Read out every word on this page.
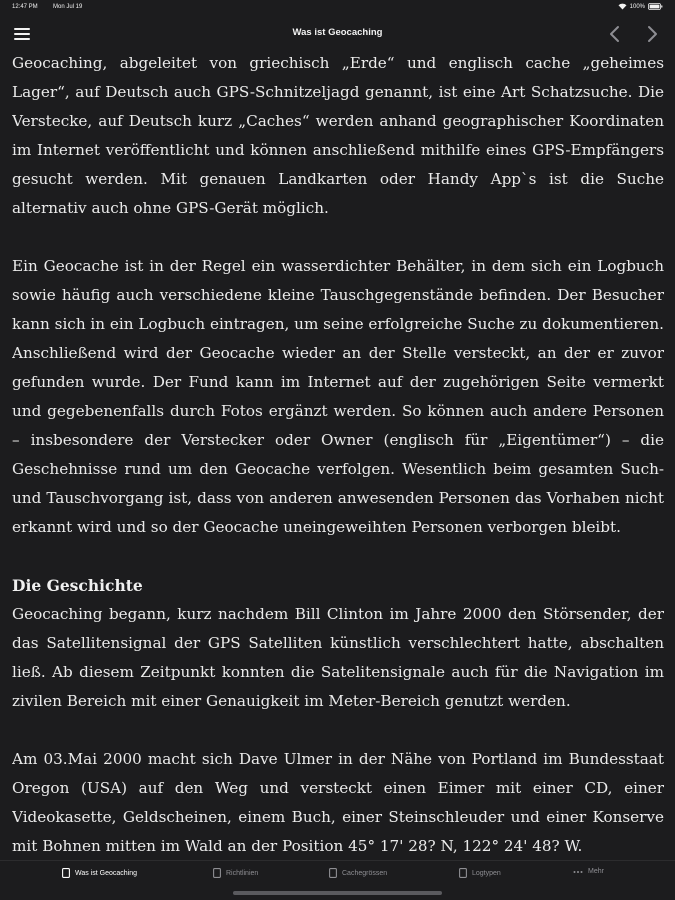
12:47 PM	Mon Jul 19	100%
Was ist Geocaching

Geocaching, abgeleitet von griechisch „Erde“ und englisch cache „geheimes Lager“, auf Deutsch auch GPS-Schnitzeljagd genannt, ist eine Art Schatzsuche. Die Verstecke, auf Deutsch kurz „Caches“ werden anhand geographischer Koordinaten im Internet veröffentlicht und können anschließend mithilfe eines GPS-Empfängers gesucht werden. Mit genauen Landkarten oder Handy App`s ist die Suche alternativ auch ohne GPS-Gerät möglich.

Ein Geocache ist in der Regel ein wasserdichter Behälter, in dem sich ein Logbuch sowie häufig auch verschiedene kleine Tauschgegenstände befinden. Der Besucher kann sich in ein Logbuch eintragen, um seine erfolgreiche Suche zu dokumentieren. Anschließend wird der Geocache wieder an der Stelle versteckt, an der er zuvor gefunden wurde. Der Fund kann im Internet auf der zugehörigen Seite vermerkt und gegebenenfalls durch Fotos ergänzt werden. So können auch andere Personen – insbesondere der Verstecker oder Owner (englisch für „Eigentümer“) – die Geschehnisse rund um den Geocache verfolgen. Wesentlich beim gesamten Such- und Tauschvorgang ist, dass von anderen anwesenden Personen das Vorhaben nicht erkannt wird und so der Geocache uneingeweihten Personen verborgen bleibt.

Die Geschichte

Geocaching begann, kurz nachdem Bill Clinton im Jahre 2000 den Störsender, der das Satellitensignal der GPS Satelliten künstlich verschlechtert hatte, abschalten ließ. Ab diesem Zeitpunkt konnten die Satelitensignale auch für die Navigation im zivilen Bereich mit einer Genauigkeit im Meter-Bereich genutzt werden.

Am 03.Mai 2000 macht sich Dave Ulmer in der Nähe von Portland im Bundesstaat Oregon (USA) auf den Weg und versteckt einen Eimer mit einer CD, einer Videokasette, Geldscheinen, einem Buch, einer Steinschleuder und einer Konserve mit Bohnen mitten im Wald an der Position 45° 17' 28? N, 122° 24' 48? W.

Was ist Geocaching	Richtlinien	Cachegrössen	Logtypen	Mehr
